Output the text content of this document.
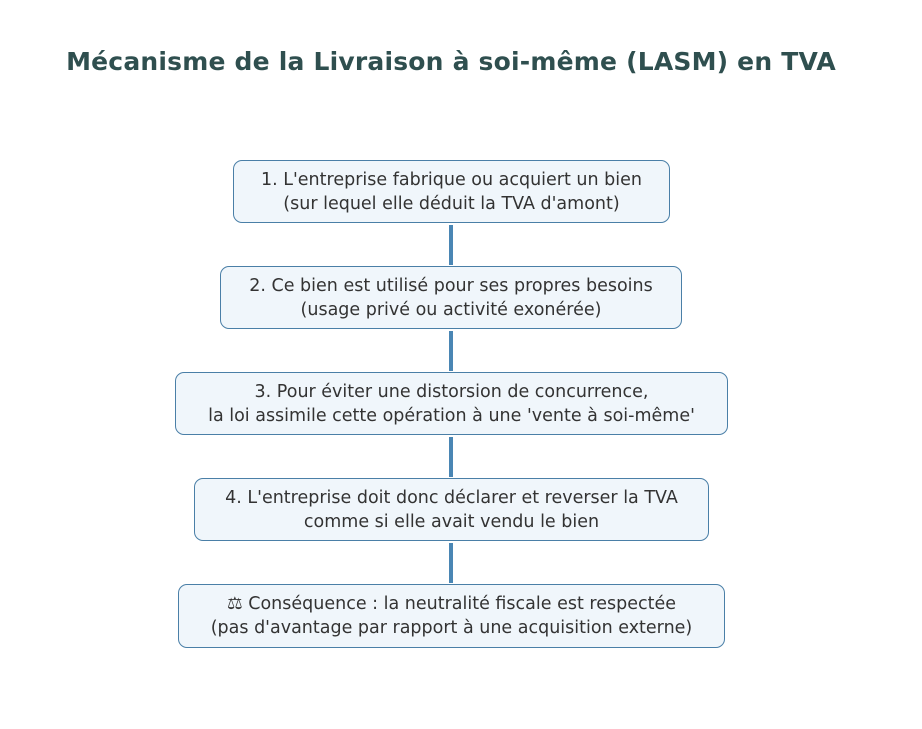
Mécanisme de la Livraison à soi-même (LASM) en TVA
1. L'entreprise fabrique ou acquiert un bien
(sur lequel elle déduit la TVA d'amont)
2. Ce bien est utilisé pour ses propres besoins
(usage privé ou activité exonérée)
3. Pour éviter une distorsion de concurrence,
la loi assimile cette opération à une 'vente à soi-même'
4. L'entreprise doit donc déclarer et reverser la TVA
comme si elle avait vendu le bien
⚖ Conséquence : la neutralité fiscale est respectée
(pas d'avantage par rapport à une acquisition externe)
